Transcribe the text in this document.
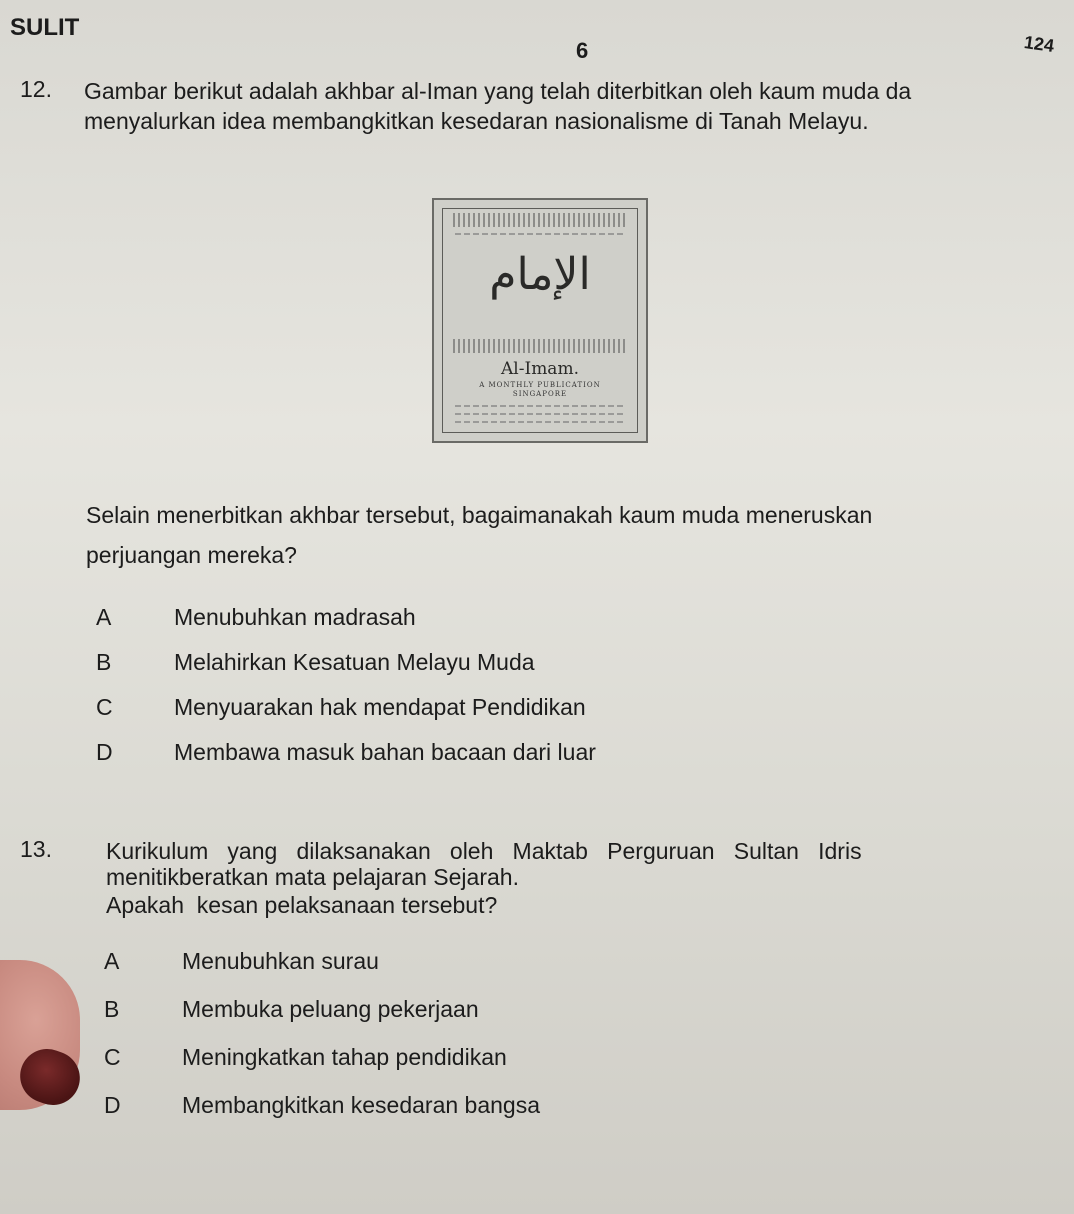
SULIT
6	124
12. Gambar berikut adalah akhbar al-Iman yang telah diterbitkan oleh kaum muda da
menyalurkan idea membangkitkan kesedaran nasionalisme di Tanah Melayu.
الإمام
Al-Imam.
A MONTHLY PUBLICATION
SINGAPORE
Selain menerbitkan akhbar tersebut, bagaimanakah kaum muda meneruskan
perjuangan mereka?
A	Menubuhkan madrasah
B	Melahirkan Kesatuan Melayu Muda
C	Menyuarakan hak mendapat Pendidikan
D	Membawa masuk bahan bacaan dari luar
13. Kurikulum   yang   dilaksanakan   oleh   Maktab   Perguruan   Sultan   Idris
menitikberatkan mata pelajaran Sejarah.
Apakah  kesan pelaksanaan tersebut?
A	Menubuhkan surau
B	Membuka peluang pekerjaan
C	Meningkatkan tahap pendidikan
D	Membangkitkan kesedaran bangsa
